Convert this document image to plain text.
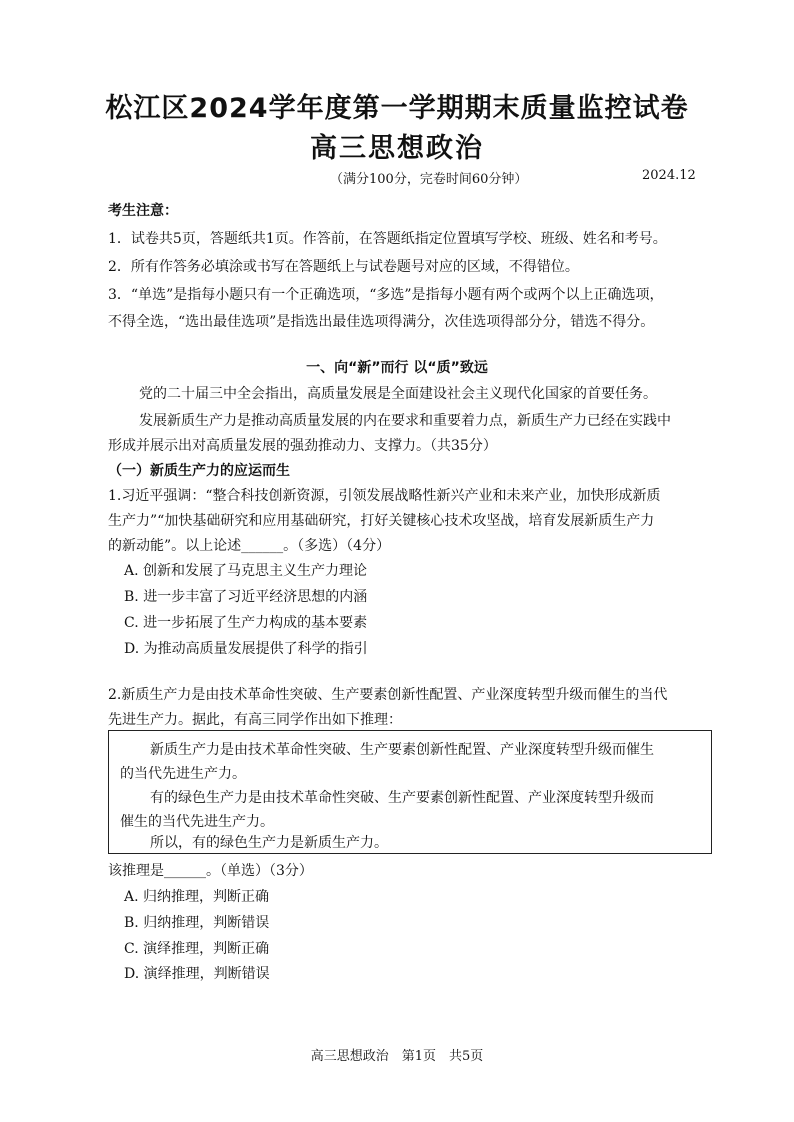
松江区2024学年度第一学期期末质量监控试卷
高三思想政治
（满分100分，完卷时间60分钟）	2024.12
考生注意：
1．试卷共5页，答题纸共1页。作答前，在答题纸指定位置填写学校、班级、姓名和考号。
2．所有作答务必填涂或书写在答题纸上与试卷题号对应的区域，不得错位。
3．“单选”是指每小题只有一个正确选项，“多选”是指每小题有两个或两个以上正确选项，
不得全选，“选出最佳选项”是指选出最佳选项得满分，次佳选项得部分分，错选不得分。
一、向“新”而行 以“质”致远
党的二十届三中全会指出，高质量发展是全面建设社会主义现代化国家的首要任务。
发展新质生产力是推动高质量发展的内在要求和重要着力点，新质生产力已经在实践中
形成并展示出对高质量发展的强劲推动力、支撑力。（共35分）
（一）新质生产力的应运而生
1.习近平强调：“整合科技创新资源，引领发展战略性新兴产业和未来产业，加快形成新质
生产力”“加快基础研究和应用基础研究，打好关键核心技术攻坚战，培育发展新质生产力
的新动能”。以上论述______。（多选）（4分）
A. 创新和发展了马克思主义生产力理论
B. 进一步丰富了习近平经济思想的内涵
C. 进一步拓展了生产力构成的基本要素
D. 为推动高质量发展提供了科学的指引
2.新质生产力是由技术革命性突破、生产要素创新性配置、产业深度转型升级而催生的当代
先进生产力。据此，有高三同学作出如下推理：
新质生产力是由技术革命性突破、生产要素创新性配置、产业深度转型升级而催生
的当代先进生产力。
有的绿色生产力是由技术革命性突破、生产要素创新性配置、产业深度转型升级而
催生的当代先进生产力。
所以，有的绿色生产力是新质生产力。
该推理是______。（单选）（3分）
A. 归纳推理，判断正确
B. 归纳推理，判断错误
C. 演绎推理，判断正确
D. 演绎推理，判断错误
高三思想政治　第1页　共5页
